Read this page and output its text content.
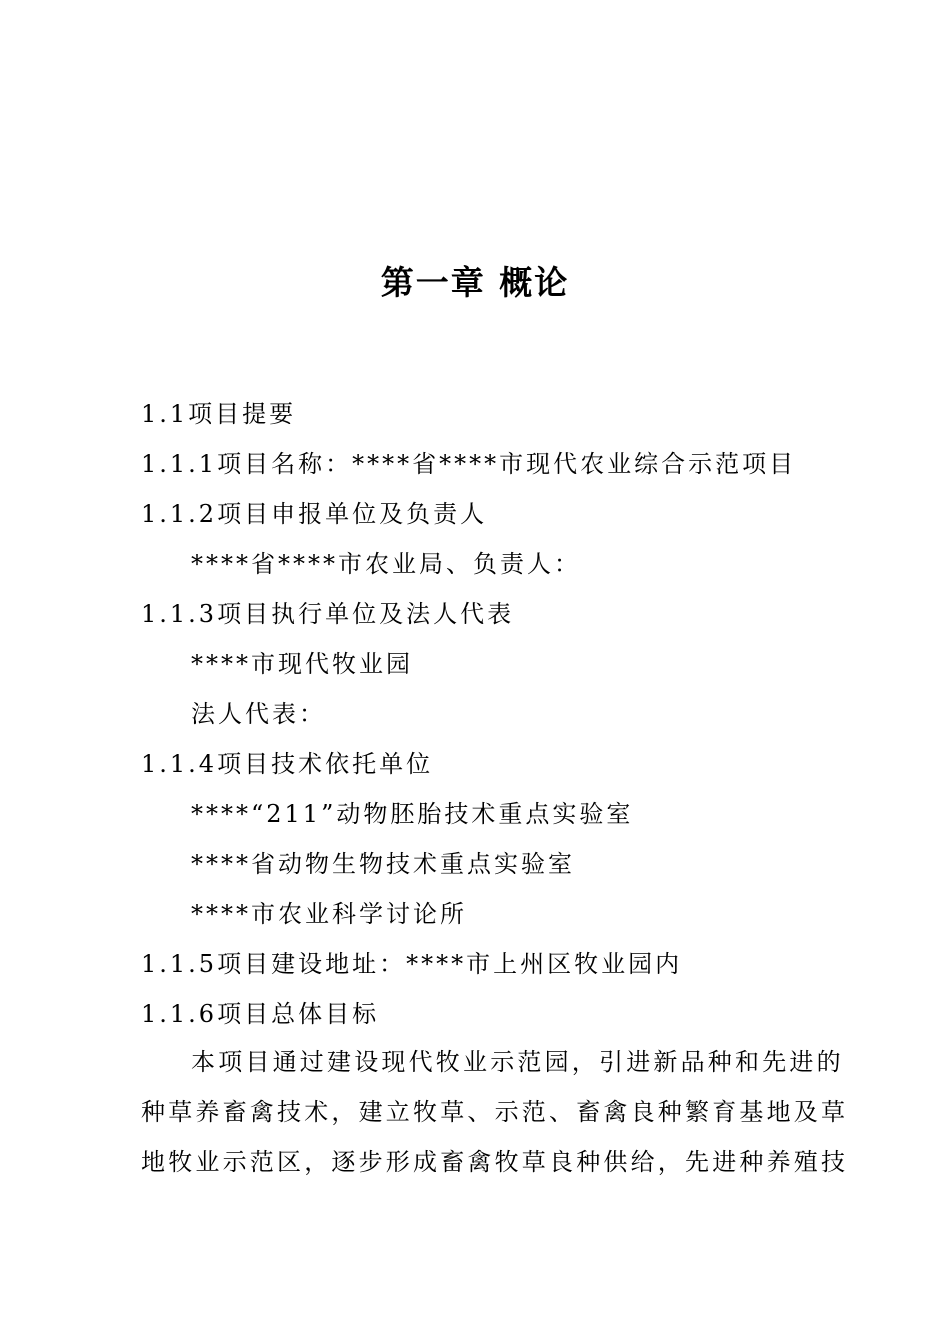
第一章 概论
1.1项目提要
1.1.1项目名称：****省****市现代农业综合示范项目
1.1.2项目申报单位及负责人
****省****市农业局、负责人：
1.1.3项目执行单位及法人代表
****市现代牧业园
法人代表：
1.1.4项目技术依托单位
****“211”动物胚胎技术重点实验室
****省动物生物技术重点实验室
****市农业科学讨论所
1.1.5项目建设地址：****市上州区牧业园内
1.1.6项目总体目标
本项目通过建设现代牧业示范园，引进新品种和先进的
种草养畜禽技术，建立牧草、示范、畜禽良种繁育基地及草
地牧业示范区，逐步形成畜禽牧草良种供给，先进种养殖技
